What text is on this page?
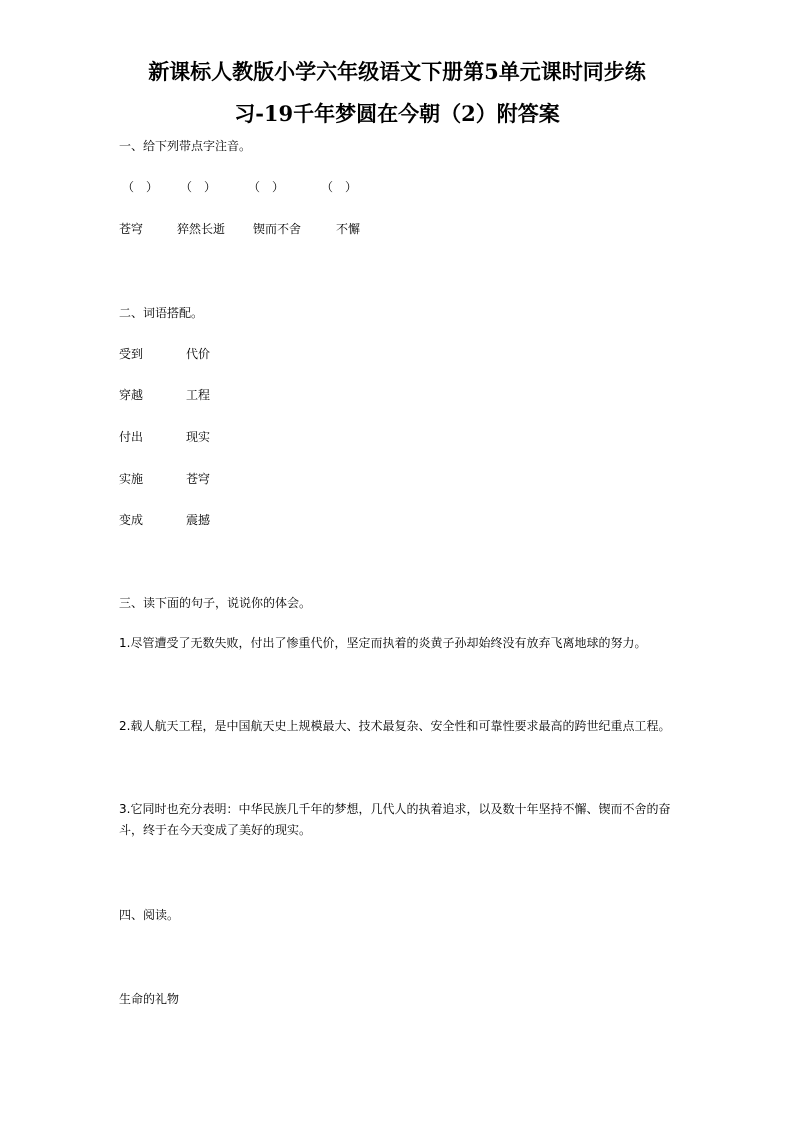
新课标人教版小学六年级语文下册第5单元课时同步练
习-19千年梦圆在今朝（2）附答案

一、给下列带点字注音。

（　） （　）	（　）	（　）
苍穹	猝然长逝 锲而不舍	不懈

二、词语搭配。

受到	代价
穿越	工程
付出	现实
实施	苍穹
变成	震撼

三、读下面的句子，说说你的体会。

1.尽管遭受了无数失败，付出了惨重代价，坚定而执着的炎黄子孙却始终没有放弃飞离地球的努力。

2.载人航天工程，是中国航天史上规模最大、技术最复杂、安全性和可靠性要求最高的跨世纪重点工程。

3.它同时也充分表明：中华民族几千年的梦想，几代人的执着追求，以及数十年坚持不懈、锲而不舍的奋斗，终于在今天变成了美好的现实。

四、阅读。

生命的礼物
